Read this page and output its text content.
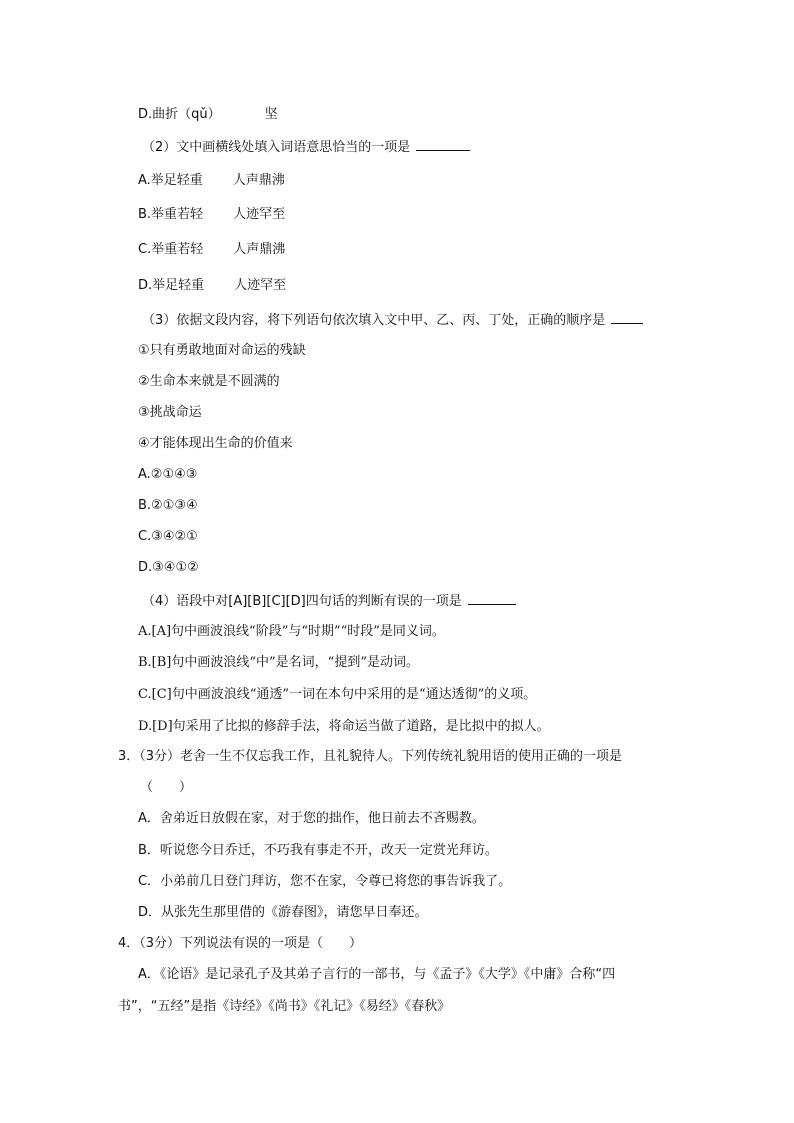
D.曲折（qǔ）	坚
（2）文中画横线处填入词语意思恰当的一项是
A.举足轻重 人声鼎沸
B.举重若轻 人迹罕至
C.举重若轻 人声鼎沸
D.举足轻重 人迹罕至
（3）依据文段内容，将下列语句依次填入文中甲、乙、丙、丁处，正确的顺序是
①只有勇敢地面对命运的残缺
②生命本来就是不圆满的
③挑战命运
④才能体现出生命的价值来
A.②①④③
B.②①③④
C.③④②①
D.③④①②
（4）语段中对[A][B][C][D]四句话的判断有误的一项是
A.[A]句中画波浪线“阶段”与“时期”“时段”是同义词。
B.[B]句中画波浪线“中”是名词，“提到”是动词。
C.[C]句中画波浪线“通透”一词在本句中采用的是“通达透彻”的义项。
D.[D]句采用了比拟的修辞手法，将命运当做了道路，是比拟中的拟人。
3．（3分）老舍一生不仅忘我工作，且礼貌待人。下列传统礼貌用语的使用正确的一项是
（　　）
A．舍弟近日放假在家，对于您的拙作，他日前去不吝赐教。
B．听说您今日乔迁，不巧我有事走不开，改天一定赏光拜访。
C．小弟前几日登门拜访，您不在家，令尊已将您的事告诉我了。
D．从张先生那里借的《游春图》，请您早日奉还。
4．（3分）下列说法有误的一项是（　　）
A．《论语》是记录孔子及其弟子言行的一部书，与《孟子》《大学》《中庸》合称“四
书”，“五经”是指《诗经》《尚书》《礼记》《易经》《春秋》
